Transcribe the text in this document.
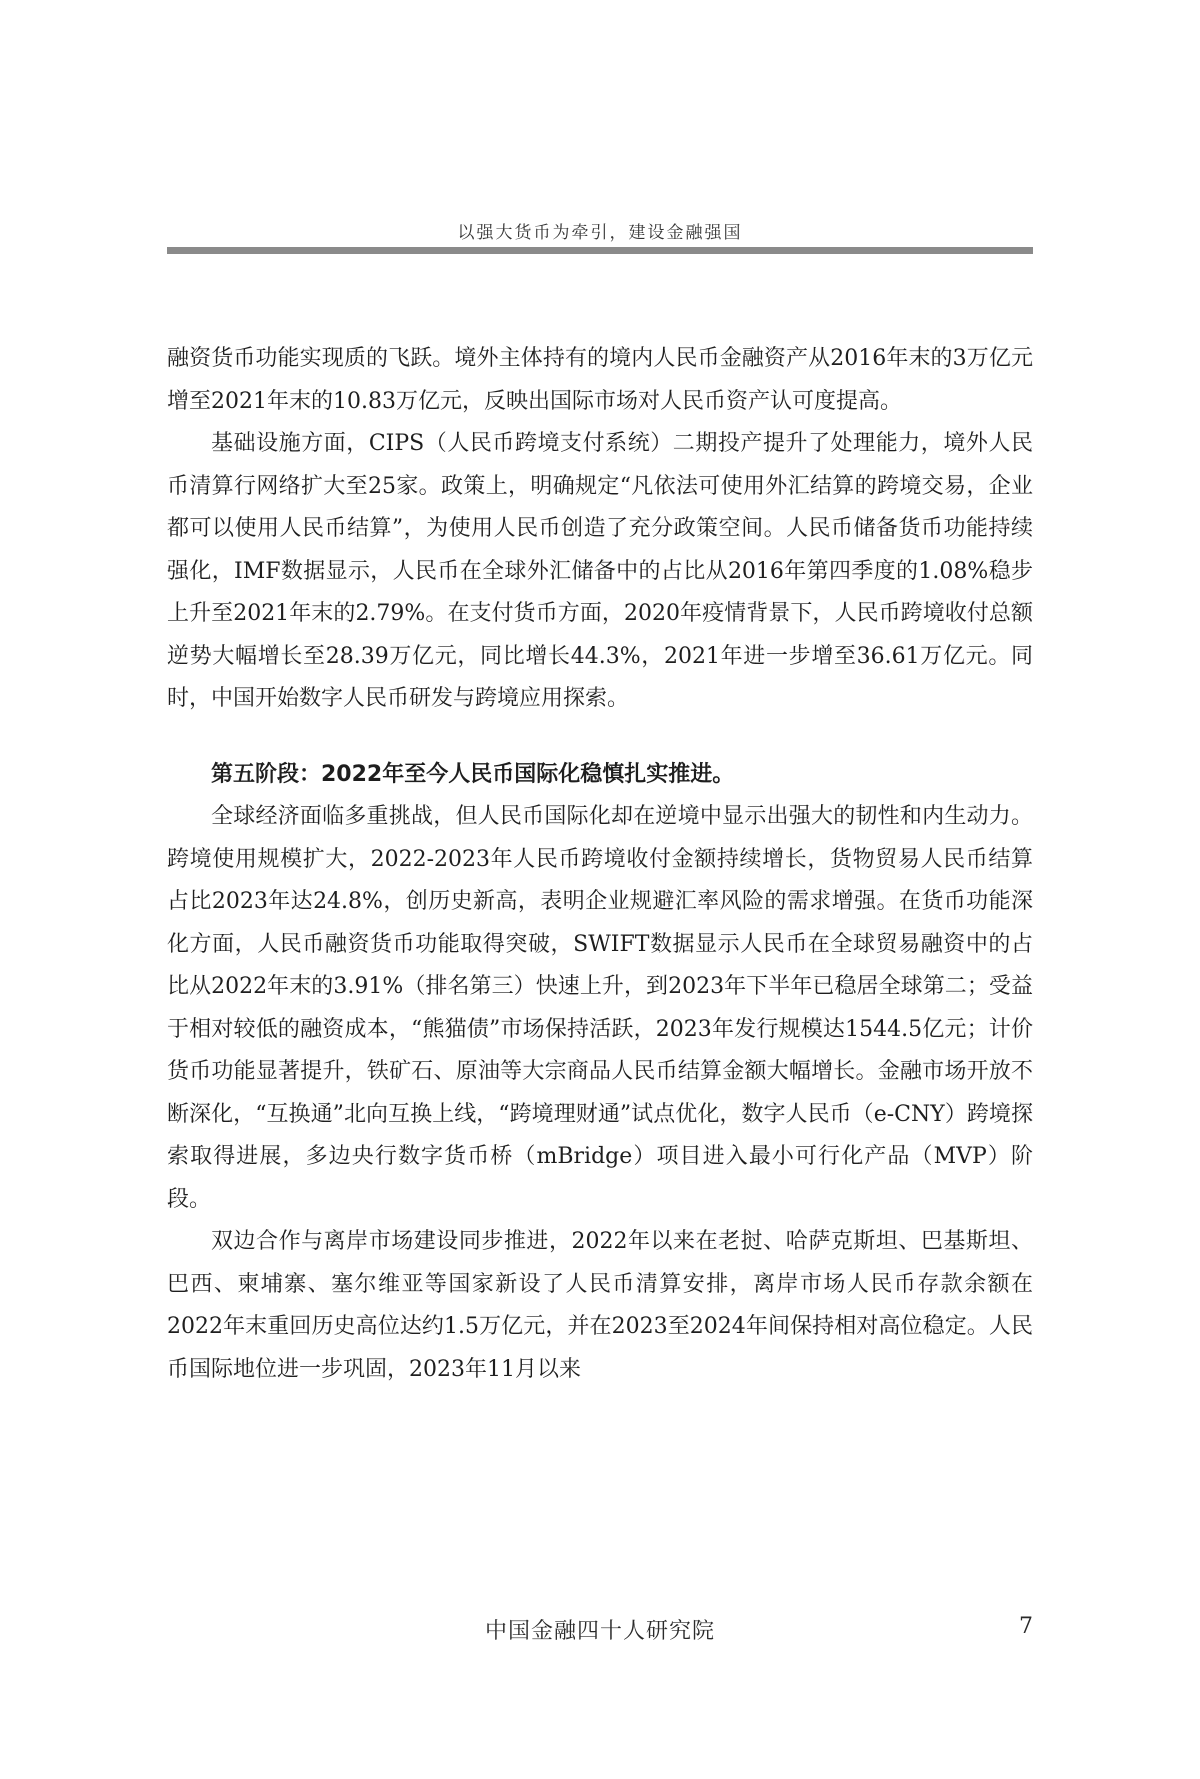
以强大货币为牵引，建设金融强国

融资货币功能实现质的飞跃。境外主体持有的境内人民币金融资产从2016年末的3万亿元增至2021年末的10.83万亿元，反映出国际市场对人民币资产认可度提高。

基础设施方面，CIPS（人民币跨境支付系统）二期投产提升了处理能力，境外人民币清算行网络扩大至25家。政策上，明确规定“凡依法可使用外汇结算的跨境交易，企业都可以使用人民币结算”，为使用人民币创造了充分政策空间。人民币储备货币功能持续强化，IMF数据显示，人民币在全球外汇储备中的占比从2016年第四季度的1.08%稳步上升至2021年末的2.79%。在支付货币方面，2020年疫情背景下，人民币跨境收付总额逆势大幅增长至28.39万亿元，同比增长44.3%，2021年进一步增至36.61万亿元。同时，中国开始数字人民币研发与跨境应用探索。

第五阶段：2022年至今人民币国际化稳慎扎实推进。

全球经济面临多重挑战，但人民币国际化却在逆境中显示出强大的韧性和内生动力。跨境使用规模扩大，2022-2023年人民币跨境收付金额持续增长，货物贸易人民币结算占比2023年达24.8%，创历史新高，表明企业规避汇率风险的需求增强。在货币功能深化方面，人民币融资货币功能取得突破，SWIFT数据显示人民币在全球贸易融资中的占比从2022年末的3.91%（排名第三）快速上升，到2023年下半年已稳居全球第二；受益于相对较低的融资成本，“熊猫债”市场保持活跃，2023年发行规模达1544.5亿元；计价货币功能显著提升，铁矿石、原油等大宗商品人民币结算金额大幅增长。金融市场开放不断深化，“互换通”北向互换上线，“跨境理财通”试点优化，数字人民币（e-CNY）跨境探索取得进展，多边央行数字货币桥（mBridge）项目进入最小可行化产品（MVP）阶段。

双边合作与离岸市场建设同步推进，2022年以来在老挝、哈萨克斯坦、巴基斯坦、巴西、柬埔寨、塞尔维亚等国家新设了人民币清算安排，离岸市场人民币存款余额在2022年末重回历史高位达约1.5万亿元，并在2023至2024年间保持相对高位稳定。人民币国际地位进一步巩固，2023年11月以来

中国金融四十人研究院	7
